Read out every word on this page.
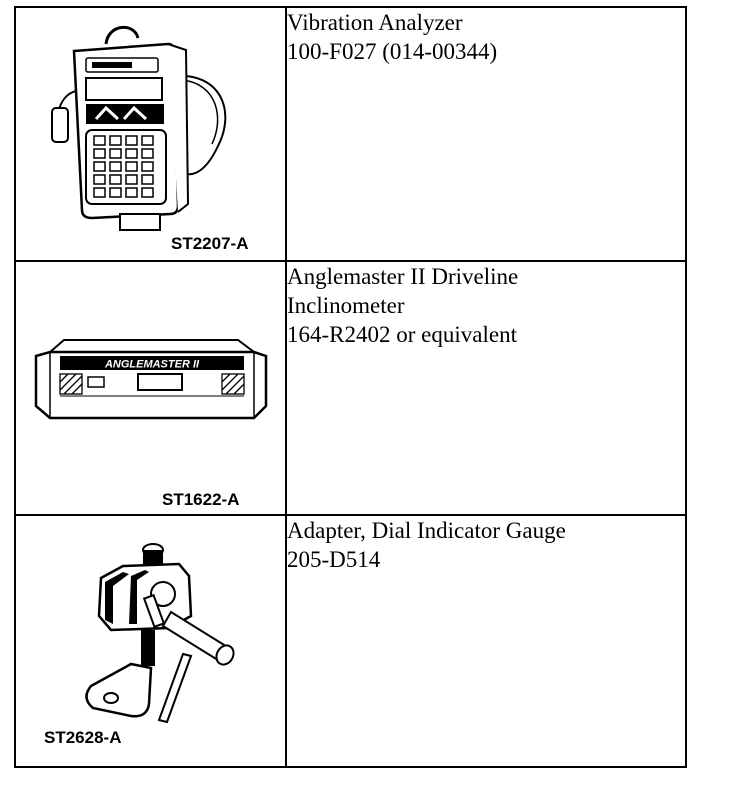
ST2207-A	Vibration Analyzer
100-F027 (014-00344)

ANGLEMASTER II
ST1622-A	Anglemaster II Driveline
Inclinometer
164-R2402 or equivalent

ST2628-A	Adapter, Dial Indicator Gauge
205-D514
